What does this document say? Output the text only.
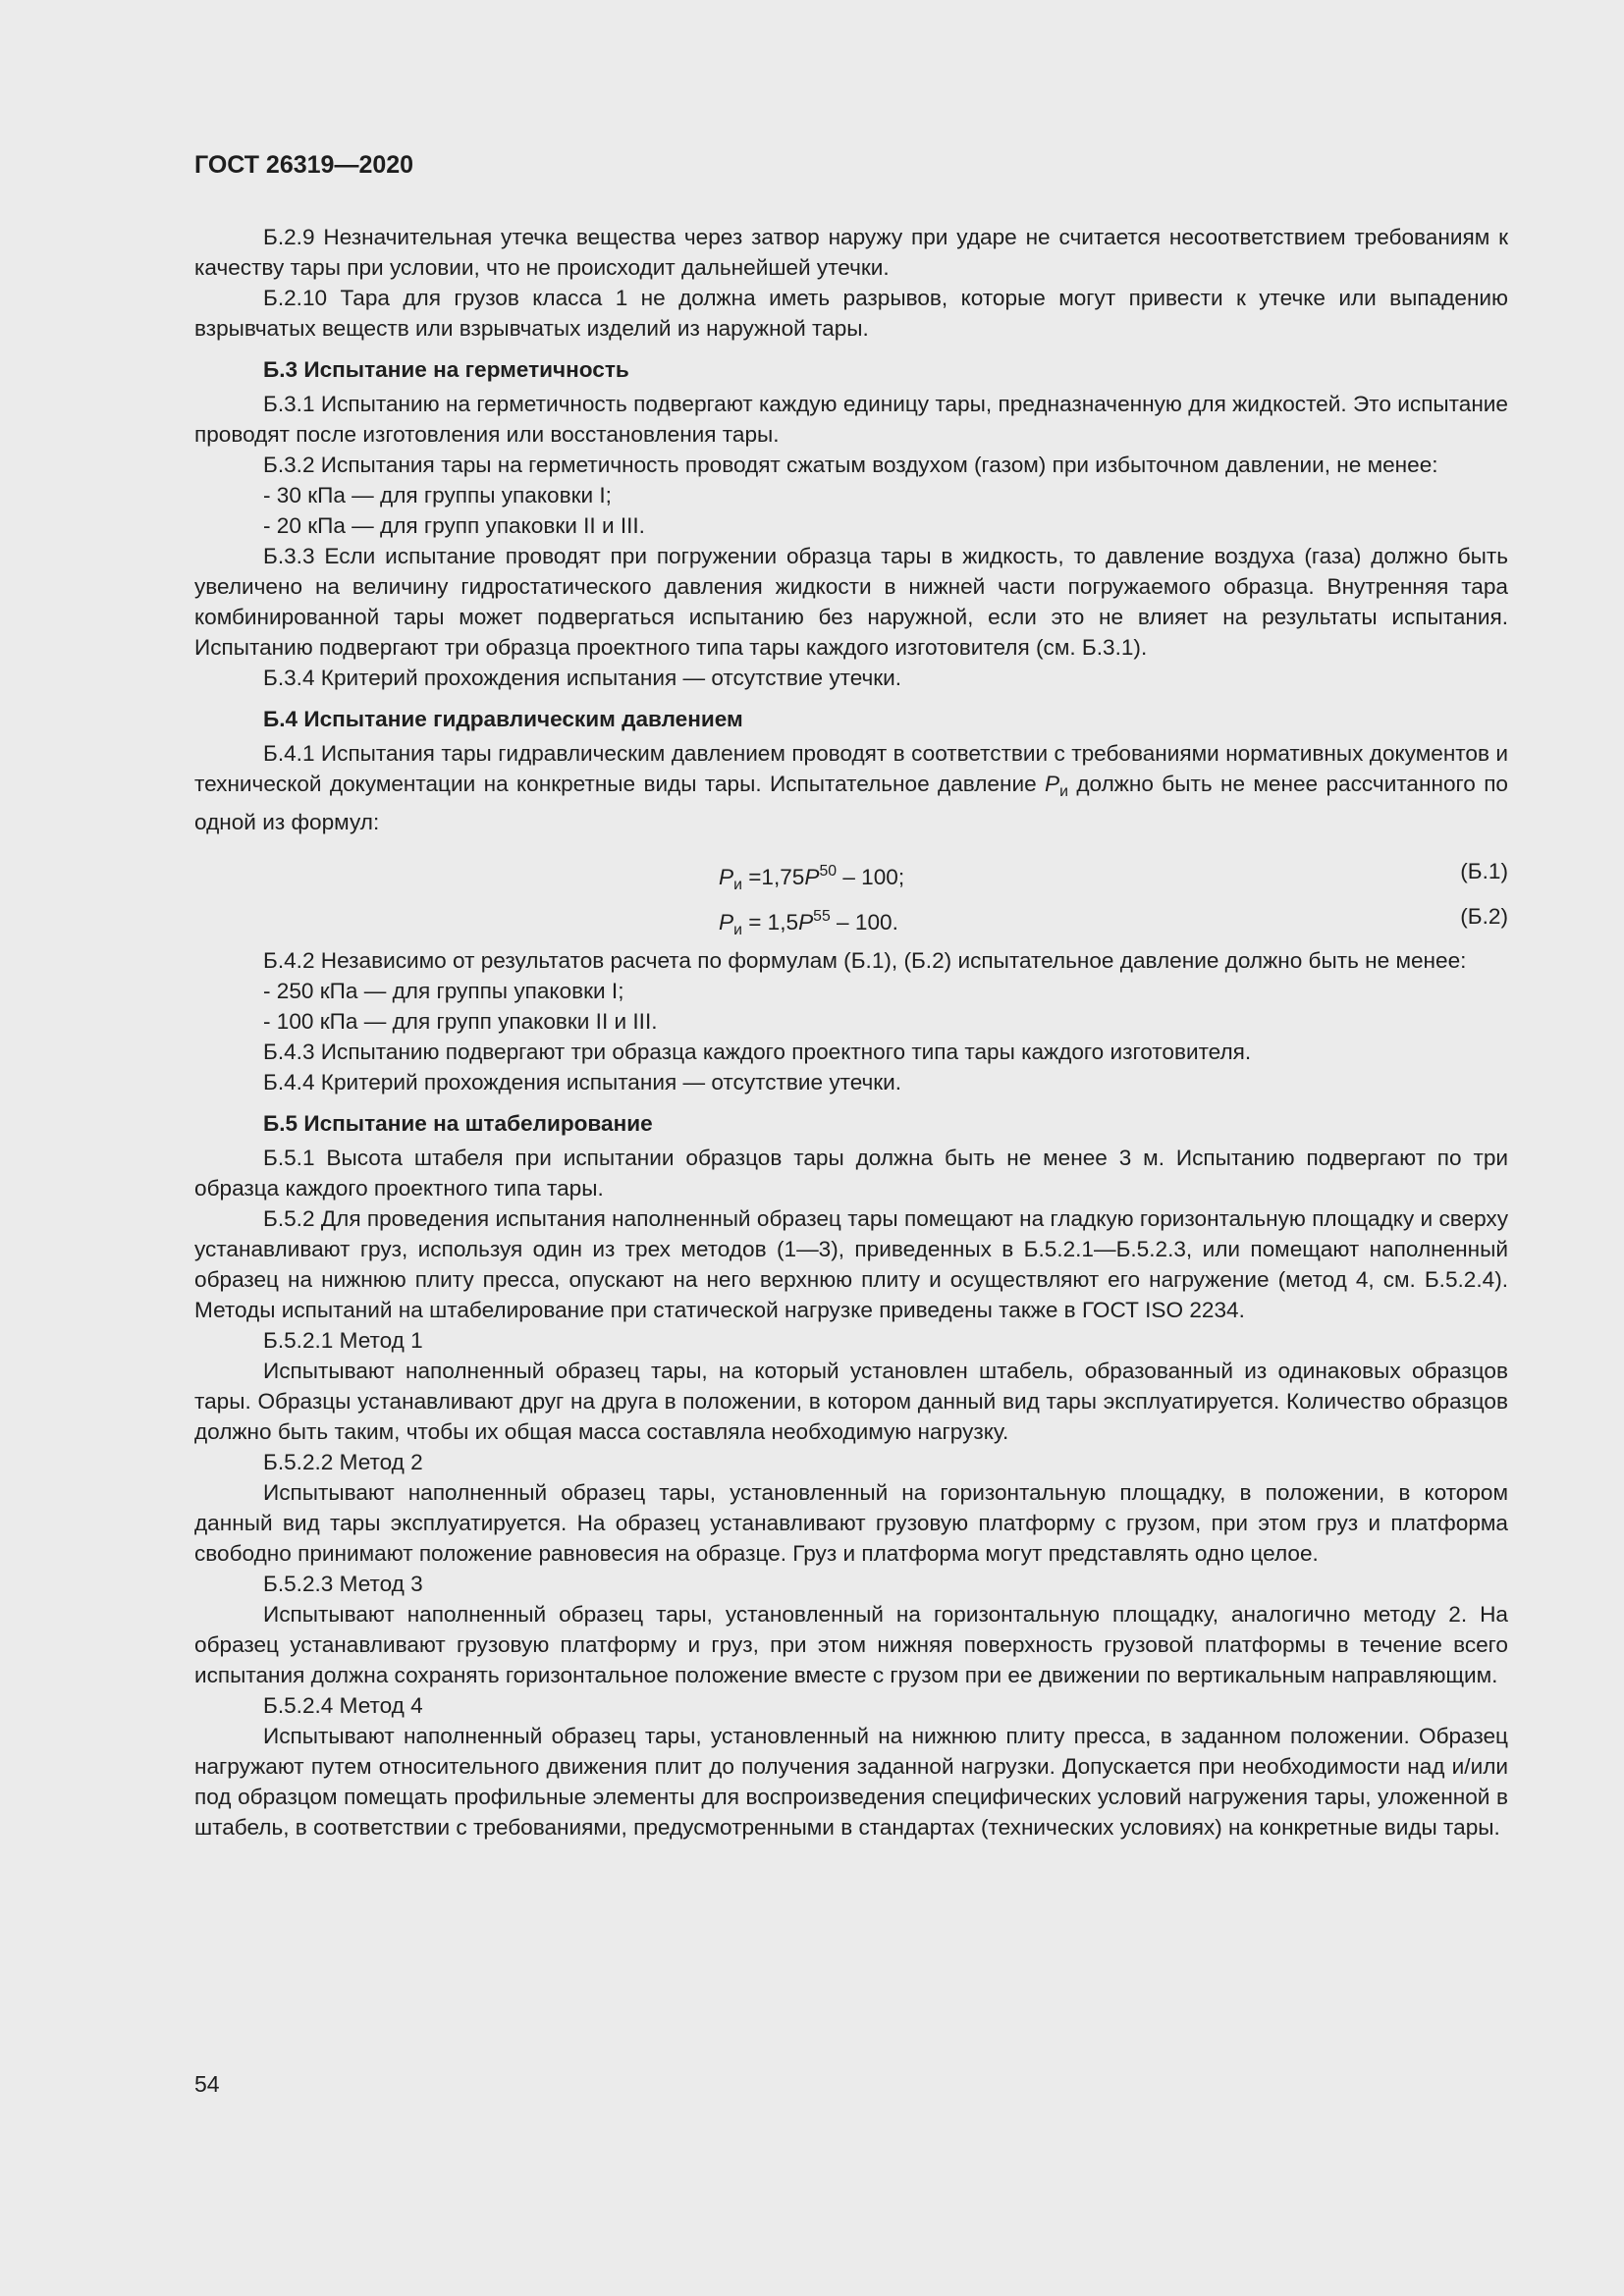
ГОСТ 26319—2020

Б.2.9 Незначительная утечка вещества через затвор наружу при ударе не считается несоответствием требованиям к качеству тары при условии, что не происходит дальнейшей утечки.

Б.2.10 Тара для грузов класса 1 не должна иметь разрывов, которые могут привести к утечке или выпадению взрывчатых веществ или взрывчатых изделий из наружной тары.

Б.3 Испытание на герметичность

Б.3.1 Испытанию на герметичность подвергают каждую единицу тары, предназначенную для жидкостей. Это испытание проводят после изготовления или восстановления тары.

Б.3.2 Испытания тары на герметичность проводят сжатым воздухом (газом) при избыточном давлении, не менее:

- 30 кПа — для группы упаковки I;
- 20 кПа — для групп упаковки II и III.

Б.3.3 Если испытание проводят при погружении образца тары в жидкость, то давление воздуха (газа) должно быть увеличено на величину гидростатического давления жидкости в нижней части погружаемого образца. Внутренняя тара комбинированной тары может подвергаться испытанию без наружной, если это не влияет на результаты испытания. Испытанию подвергают три образца проектного типа тары каждого изготовителя (см. Б.3.1).

Б.3.4 Критерий прохождения испытания — отсутствие утечки.

Б.4 Испытание гидравлическим давлением

Б.4.1 Испытания тары гидравлическим давлением проводят в соответствии с требованиями нормативных документов и технической документации на конкретные виды тары. Испытательное давление $P_и$ должно быть не менее рассчитанного по одной из формул:

$P_и =1,75P^{50} - 100$;	(Б.1)
$P_и = 1,5P^{55} - 100$.	(Б.2)

Б.4.2 Независимо от результатов расчета по формулам (Б.1), (Б.2) испытательное давление должно быть не менее:

- 250 кПа — для группы упаковки I;
- 100 кПа — для групп упаковки II и III.

Б.4.3 Испытанию подвергают три образца каждого проектного типа тары каждого изготовителя.

Б.4.4 Критерий прохождения испытания — отсутствие утечки.

Б.5 Испытание на штабелирование

Б.5.1 Высота штабеля при испытании образцов тары должна быть не менее 3 м. Испытанию подвергают по три образца каждого проектного типа тары.

Б.5.2 Для проведения испытания наполненный образец тары помещают на гладкую горизонтальную площадку и сверху устанавливают груз, используя один из трех методов (1—3), приведенных в Б.5.2.1—Б.5.2.3, или помещают наполненный образец на нижнюю плиту пресса, опускают на него верхнюю плиту и осуществляют его нагружение (метод 4, см. Б.5.2.4). Методы испытаний на штабелирование при статической нагрузке приведены также в ГОСТ ISO 2234.

Б.5.2.1 Метод 1

Испытывают наполненный образец тары, на который установлен штабель, образованный из одинаковых образцов тары. Образцы устанавливают друг на друга в положении, в котором данный вид тары эксплуатируется. Количество образцов должно быть таким, чтобы их общая масса составляла необходимую нагрузку.

Б.5.2.2 Метод 2

Испытывают наполненный образец тары, установленный на горизонтальную площадку, в положении, в котором данный вид тары эксплуатируется. На образец устанавливают грузовую платформу с грузом, при этом груз и платформа свободно принимают положение равновесия на образце. Груз и платформа могут представлять одно целое.

Б.5.2.3 Метод 3

Испытывают наполненный образец тары, установленный на горизонтальную площадку, аналогично методу 2. На образец устанавливают грузовую платформу и груз, при этом нижняя поверхность грузовой платформы в течение всего испытания должна сохранять горизонтальное положение вместе с грузом при ее движении по вертикальным направляющим.

Б.5.2.4 Метод 4

Испытывают наполненный образец тары, установленный на нижнюю плиту пресса, в заданном положении. Образец нагружают путем относительного движения плит до получения заданной нагрузки. Допускается при необходимости над и/или под образцом помещать профильные элементы для воспроизведения специфических условий нагружения тары, уложенной в штабель, в соответствии с требованиями, предусмотренными в стандартах (технических условиях) на конкретные виды тары.

54
